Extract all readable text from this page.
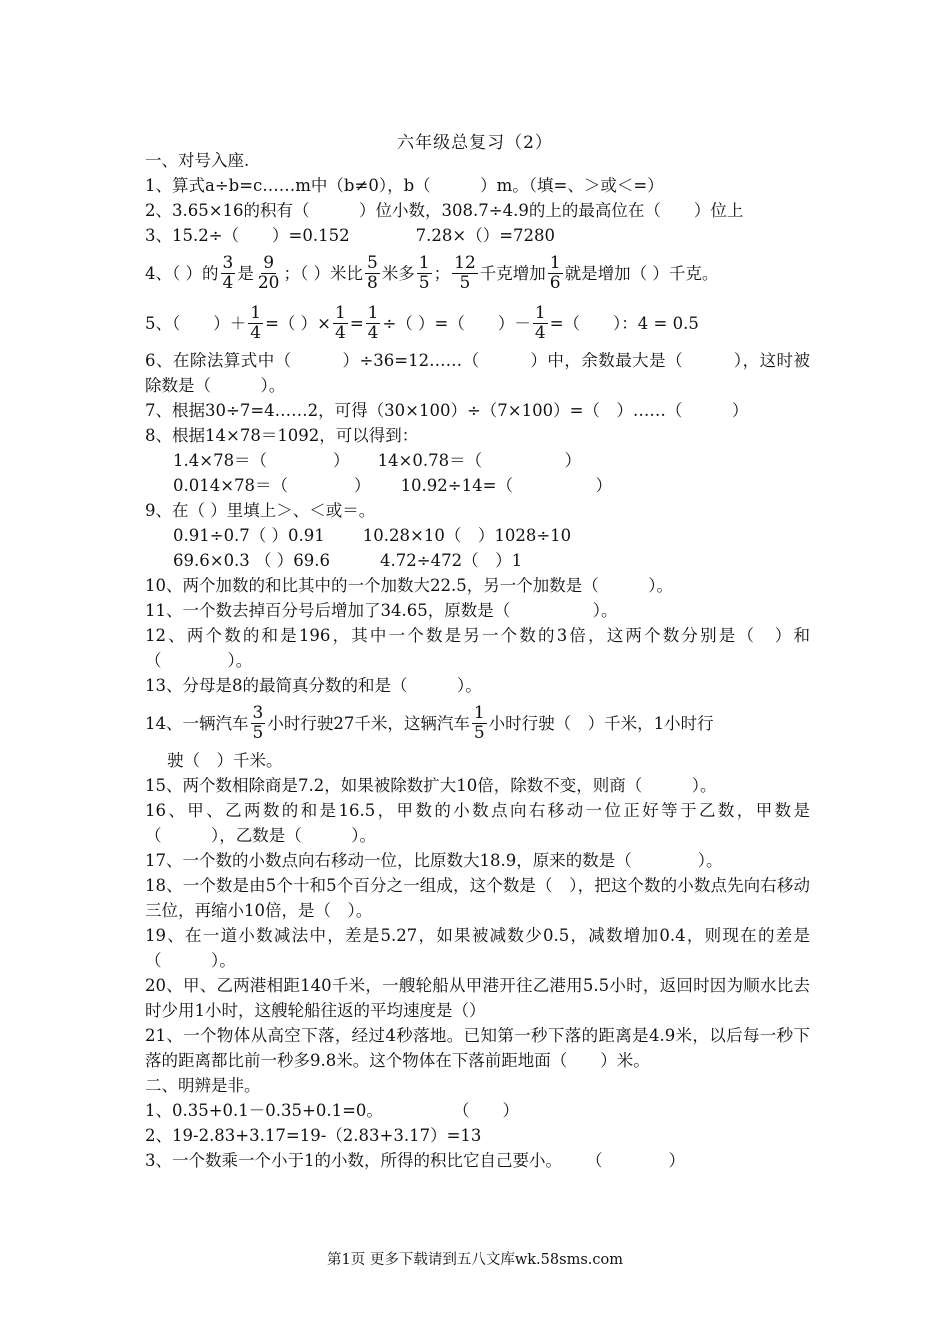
六年级总复习（2）
一、对号入座.
1、算式a÷b=c……m中（b≠0），b（　　　）m。（填=、＞或＜=）
2、3.65×16的积有（　　　）位小数，308.7÷4.9的上的最高位在（　　）位上
3、15.2÷（　　）=0.152	7.28×（）=7280
4、（ ）的 $\frac{3}{4}$ 是 $\frac{9}{20}$ ；（ ）米比 $\frac{5}{8}$ 米多 $\frac{1}{5}$ ； $\frac{12}{5}$ 千克增加 $\frac{1}{6}$ 就是增加（ ）千克。
5、（　　）＋ $\frac{1}{4}$ =（ ）× $\frac{1}{4} = \frac{1}{4}$ ÷（ ）=（　　）－ $\frac{1}{4}$ =（　　）：4 = 0.5
6、在除法算式中（　　　）÷36=12……（　　　）中，余数最大是（　　　），这时被除数是（　　　）。
7、根据30÷7=4……2，可得（30×100）÷（7×100）=（　）……（　　　）
8、根据14×78＝1092，可以得到：
1.4×78＝（　　　　） 14×0.78＝（　　　　　）
0.014×78＝（　　　　） 10.92÷14=（　　　　　）
9、在（ ）里填上＞、＜或＝。
0.91÷0.7（ ）0.91 10.28×10（　）1028÷10
69.6×0.3 （ ）69.6	4.72÷472（　）1
10、两个加数的和比其中的一个加数大22.5，另一个加数是（　　　）。
11、一个数去掉百分号后增加了34.65，原数是（　　　　　）。
12、两个数的和是196，其中一个数是另一个数的3倍，这两个数分别是（　）和（　　　　）。
13、分母是8的最简真分数的和是（　　　）。
14、一辆汽车 $\frac{3}{5}$ 小时行驶27千米，这辆汽车 $\frac{1}{5}$ 小时行驶（　）千米，1小时行
驶（　）千米。
15、两个数相除商是7.2，如果被除数扩大10倍，除数不变，则商（　　　）。
16、甲、乙两数的和是16.5，甲数的小数点向右移动一位正好等于乙数，甲数是（　　　），乙数是（　　　）。
17、一个数的小数点向右移动一位，比原数大18.9，原来的数是（　　　　）。
18、一个数是由5个十和5个百分之一组成，这个数是（　），把这个数的小数点先向右移动三位，再缩小10倍，是（　）。
19、在一道小数减法中，差是5.27，如果被减数少0.5，减数增加0.4，则现在的差是（　　　）。
20、甲、乙两港相距140千米，一艘轮船从甲港开往乙港用5.5小时，返回时因为顺水比去时少用1小时，这艘轮船往返的平均速度是（）
21、一个物体从高空下落，经过4秒落地。已知第一秒下落的距离是4.9米，以后每一秒下落的距离都比前一秒多9.8米。这个物体在下落前距地面（　　）米。
二、明辨是非。
1、0.35+0.1－0.35+0.1=0。	（　　）
2、19-2.83+3.17=19-（2.83+3.17）=13
3、一个数乘一个小于1的小数，所得的积比它自己要小。 （　　　　）
第1页 更多下载请到五八文库wk.58sms.com
